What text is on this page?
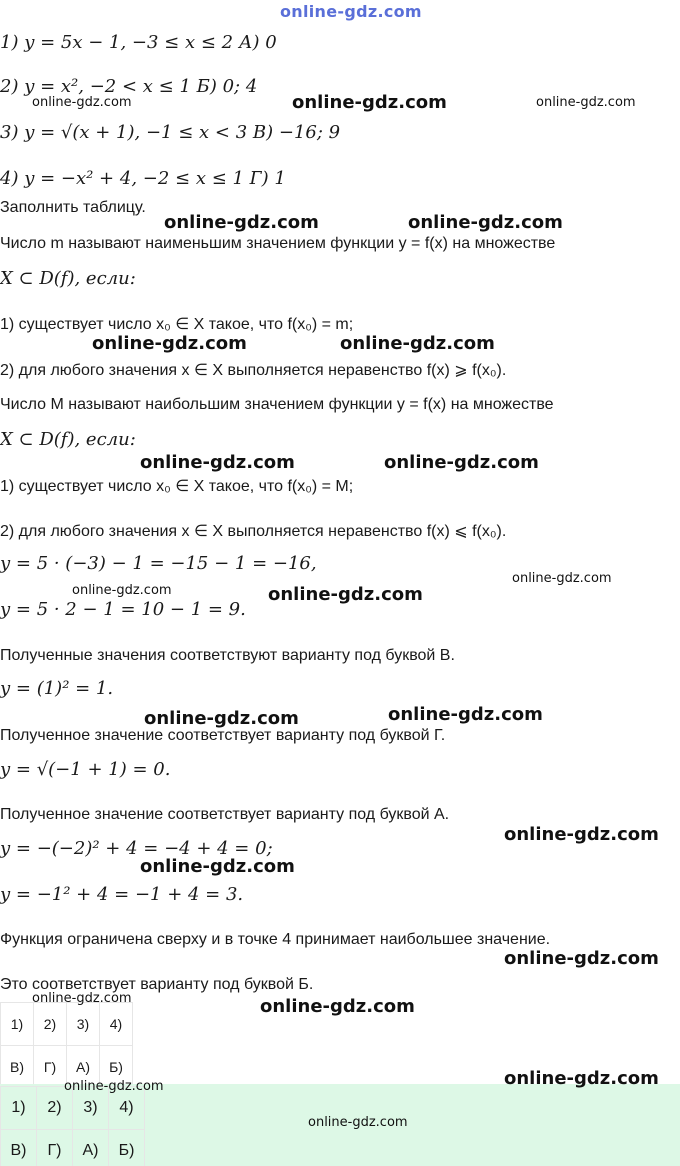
online-gdz.com
1) y = 5x − 1, −3 ≤ x ≤ 2 А) 0
2) y = x², −2 < x ≤ 1 Б) 0; 4
3) y = √(x + 1), −1 ≤ x < 3 В) −16; 9
4) y = −x² + 4, −2 ≤ x ≤ 1 Г) 1
Заполнить таблицу.
Число m называют наименьшим значением функции y = f(x) на множестве
X ⊂ D(f), если:
1) существует число x₀ ∈ X такое, что f(x₀) = m;
2) для любого значения x ∈ X выполняется неравенство f(x) ⩾ f(x₀).
Число M называют наибольшим значением функции y = f(x) на множестве
X ⊂ D(f), если:
1) существует число x₀ ∈ X такое, что f(x₀) = M;
2) для любого значения x ∈ X выполняется неравенство f(x) ⩽ f(x₀).
y = 5 · (−3) − 1 = −15 − 1 = −16,
y = 5 · 2 − 1 = 10 − 1 = 9.
Полученные значения соответствуют варианту под буквой В.
y = (1)² = 1.
Полученное значение соответствует варианту под буквой Г.
y = √(−1 + 1) = 0.
Полученное значение соответствует варианту под буквой А.
y = −(−2)² + 4 = −4 + 4 = 0;
y = −1² + 4 = −1 + 4 = 3.
Функция ограничена сверху и в точке 4 принимает наибольшее значение.
Это соответствует варианту под буквой Б.
1)	2)	3)	4)
В)	Г)	А)	Б)
1)	2)	3)	4)
В)	Г)	А)	Б)
online-gdz.com	online-gdz.com	online-gdz.com
online-gdz.com	online-gdz.com
online-gdz.com	online-gdz.com
online-gdz.com	online-gdz.com
online-gdz.com	online-gdz.com
online-gdz.com
online-gdz.com	online-gdz.com
online-gdz.com
online-gdz.com
online-gdz.com
online-gdz.com	online-gdz.com
online-gdz.com	online-gdz.com
online-gdz.com
